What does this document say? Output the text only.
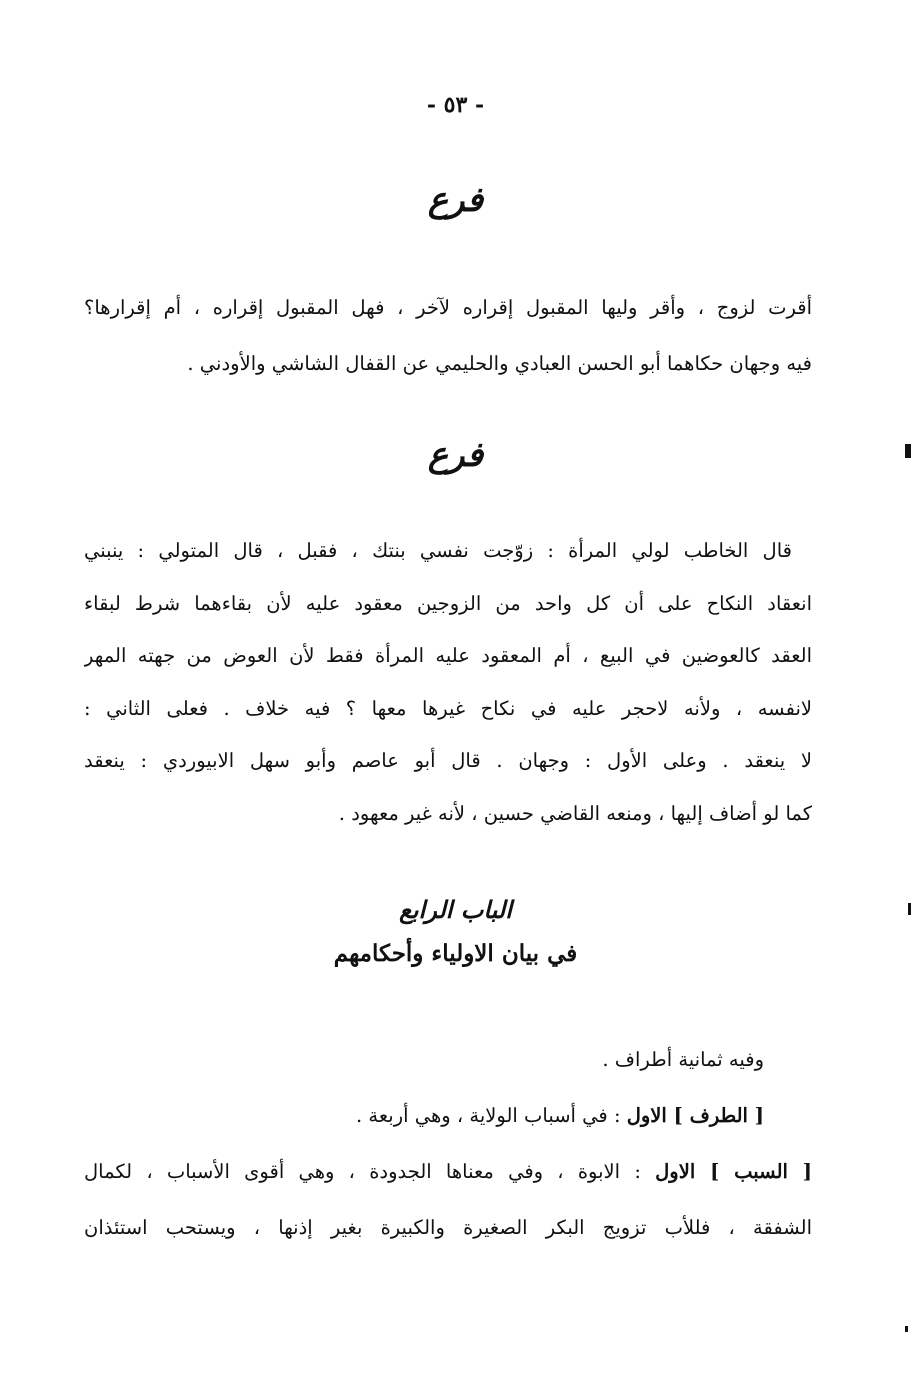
- ٥٣ -
فرع
أقرت لزوج ، وأقر وليها المقبول إقراره لآخر ، فهل المقبول إقراره ، أم إقرارها؟
فيه وجهان حكاهما أبو الحسن العبادي والحليمي عن القفال الشاشي والأودني .
فرع
قال الخاطب لولي المرأة : زوّجت نفسي بنتك ، فقبل ، قال المتولي : ينبني
انعقاد النكاح على أن كل واحد من الزوجين معقود عليه لأن بقاءهما شرط لبقاء
العقد كالعوضين في البيع ، أم المعقود عليه المرأة فقط لأن العوض من جهته المهر
لانفسه ، ولأنه لاحجر عليه في نكاح غيرها معها ؟ فيه خلاف . فعلى الثاني :
لا ينعقد . وعلى الأول : وجهان . قال أبو عاصم وأبو سهل الابيوردي : ينعقد
كما لو أضاف إليها ، ومنعه القاضي حسين ، لأنه غير معهود .
الباب الرابع
في بيان الاولياء وأحكامهم
وفيه ثمانية أطراف .
[ الطرف ] الاول : في أسباب الولاية ، وهي أربعة .
[ السبب ] الاول : الابوة ، وفي معناها الجدودة ، وهي أقوى الأسباب ، لكمال
الشفقة ، فللأب تزويج البكر الصغيرة والكبيرة بغير إذنها ، ويستحب استئذان
